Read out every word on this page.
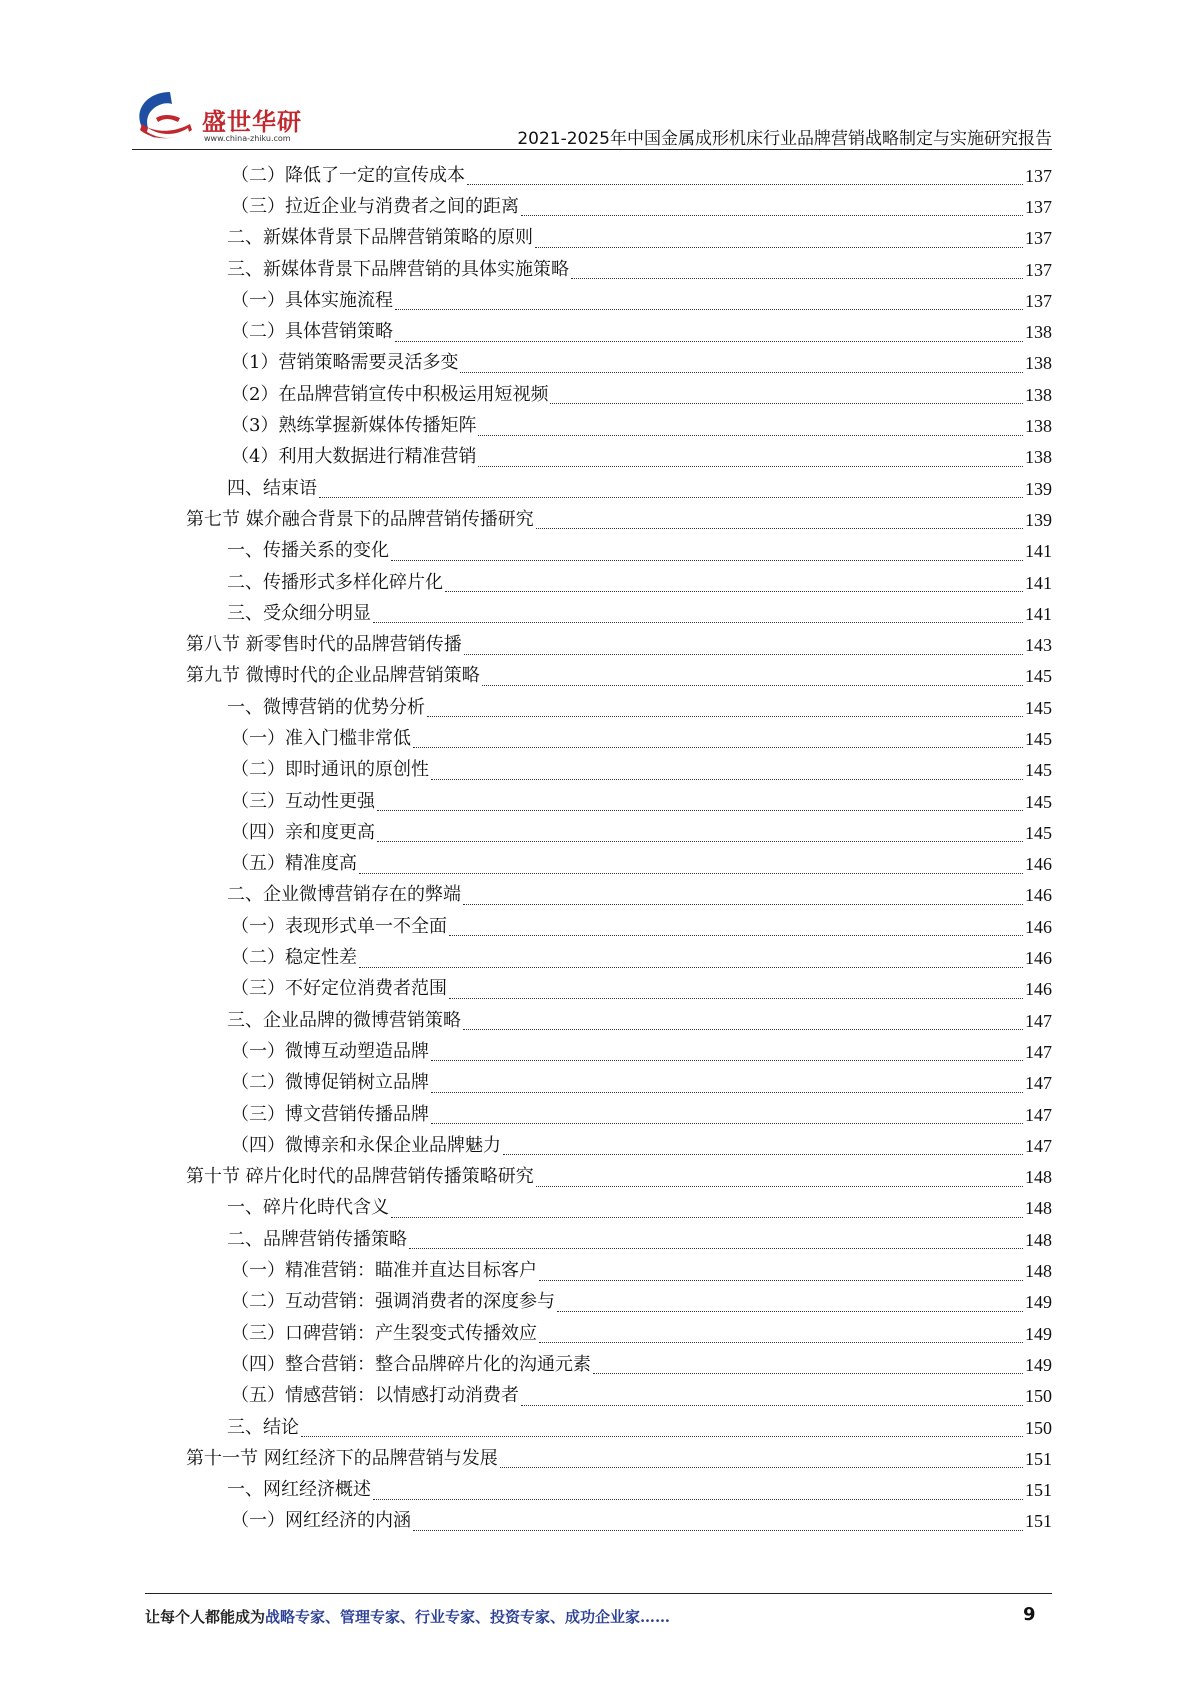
盛世华研
www.china-zhiku.com	2021-2025年中国金属成形机床行业品牌营销战略制定与实施研究报告
（二）降低了一定的宣传成本	137
（三）拉近企业与消费者之间的距离	137
二、新媒体背景下品牌营销策略的原则	137
三、新媒体背景下品牌营销的具体实施策略	137
（一）具体实施流程	137
（二）具体营销策略	138
（1）营销策略需要灵活多变	138
（2）在品牌营销宣传中积极运用短视频	138
（3）熟练掌握新媒体传播矩阵	138
（4）利用大数据进行精准营销	138
四、结束语	139
第七节 媒介融合背景下的品牌营销传播研究	139
一、传播关系的变化	141
二、传播形式多样化碎片化	141
三、受众细分明显	141
第八节 新零售时代的品牌营销传播	143
第九节 微博时代的企业品牌营销策略	145
一、微博营销的优势分析	145
（一）准入门槛非常低	145
（二）即时通讯的原创性	145
（三）互动性更强	145
（四）亲和度更高	145
（五）精准度高	146
二、企业微博营销存在的弊端	146
（一）表现形式单一不全面	146
（二）稳定性差	146
（三）不好定位消费者范围	146
三、企业品牌的微博营销策略	147
（一）微博互动塑造品牌	147
（二）微博促销树立品牌	147
（三）博文营销传播品牌	147
（四）微博亲和永保企业品牌魅力	147
第十节 碎片化时代的品牌营销传播策略研究	148
一、碎片化時代含义	148
二、品牌营销传播策略	148
（一）精准营销：瞄准并直达目标客户	148
（二）互动营销：强调消费者的深度参与	149
（三）口碑营销：产生裂变式传播效应	149
（四）整合营销：整合品牌碎片化的沟通元素	149
（五）情感营销：以情感打动消费者	150
三、结论	150
第十一节 网红经济下的品牌营销与发展	151
一、网红经济概述	151
（一）网红经济的内涵	151
让每个人都能成为战略专家、管理专家、行业专家、投资专家、成功企业家……	9
